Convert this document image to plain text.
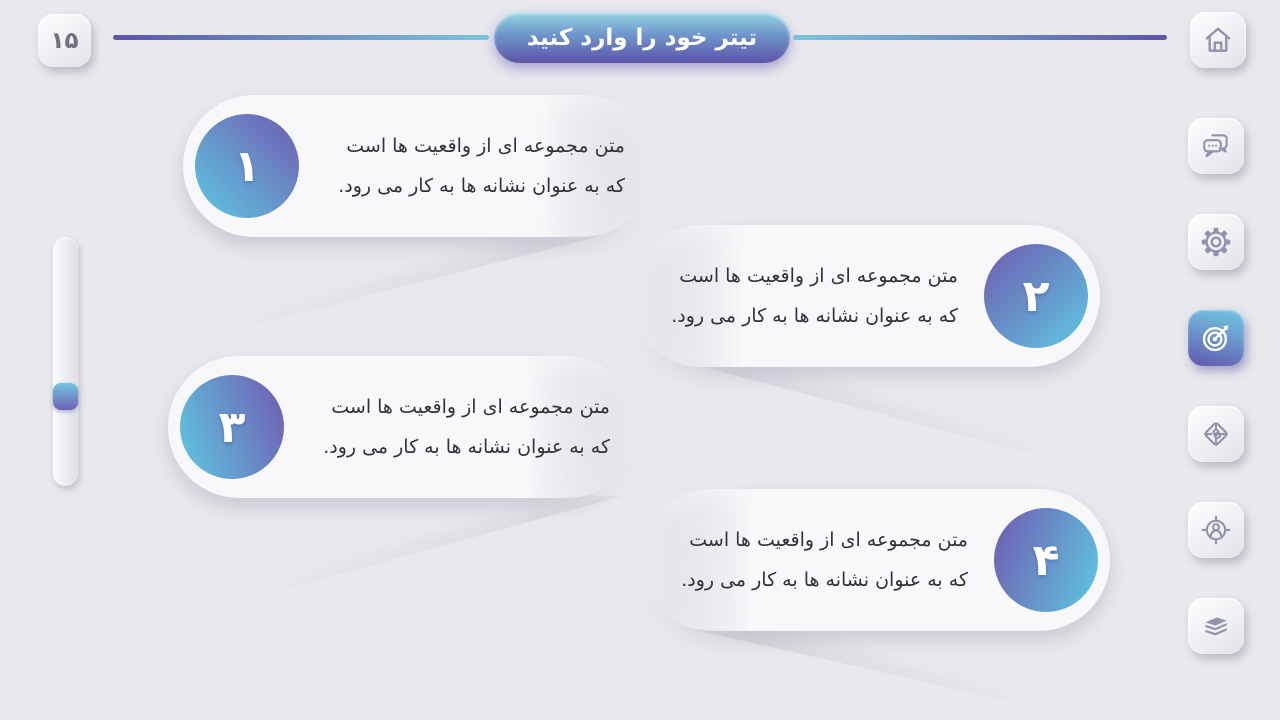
۱۵	تیتر خود را وارد کنید
۱	متن مجموعه ای از واقعیت ها است که به عنوان نشانه ها به کار می رود.
متن مجموعه ای از واقعیت ها است که به عنوان نشانه ها به کار می رود.	۲
۳	متن مجموعه ای از واقعیت ها است که به عنوان نشانه ها به کار می رود.
متن مجموعه ای از واقعیت ها است که به عنوان نشانه ها به کار می رود.	۴
